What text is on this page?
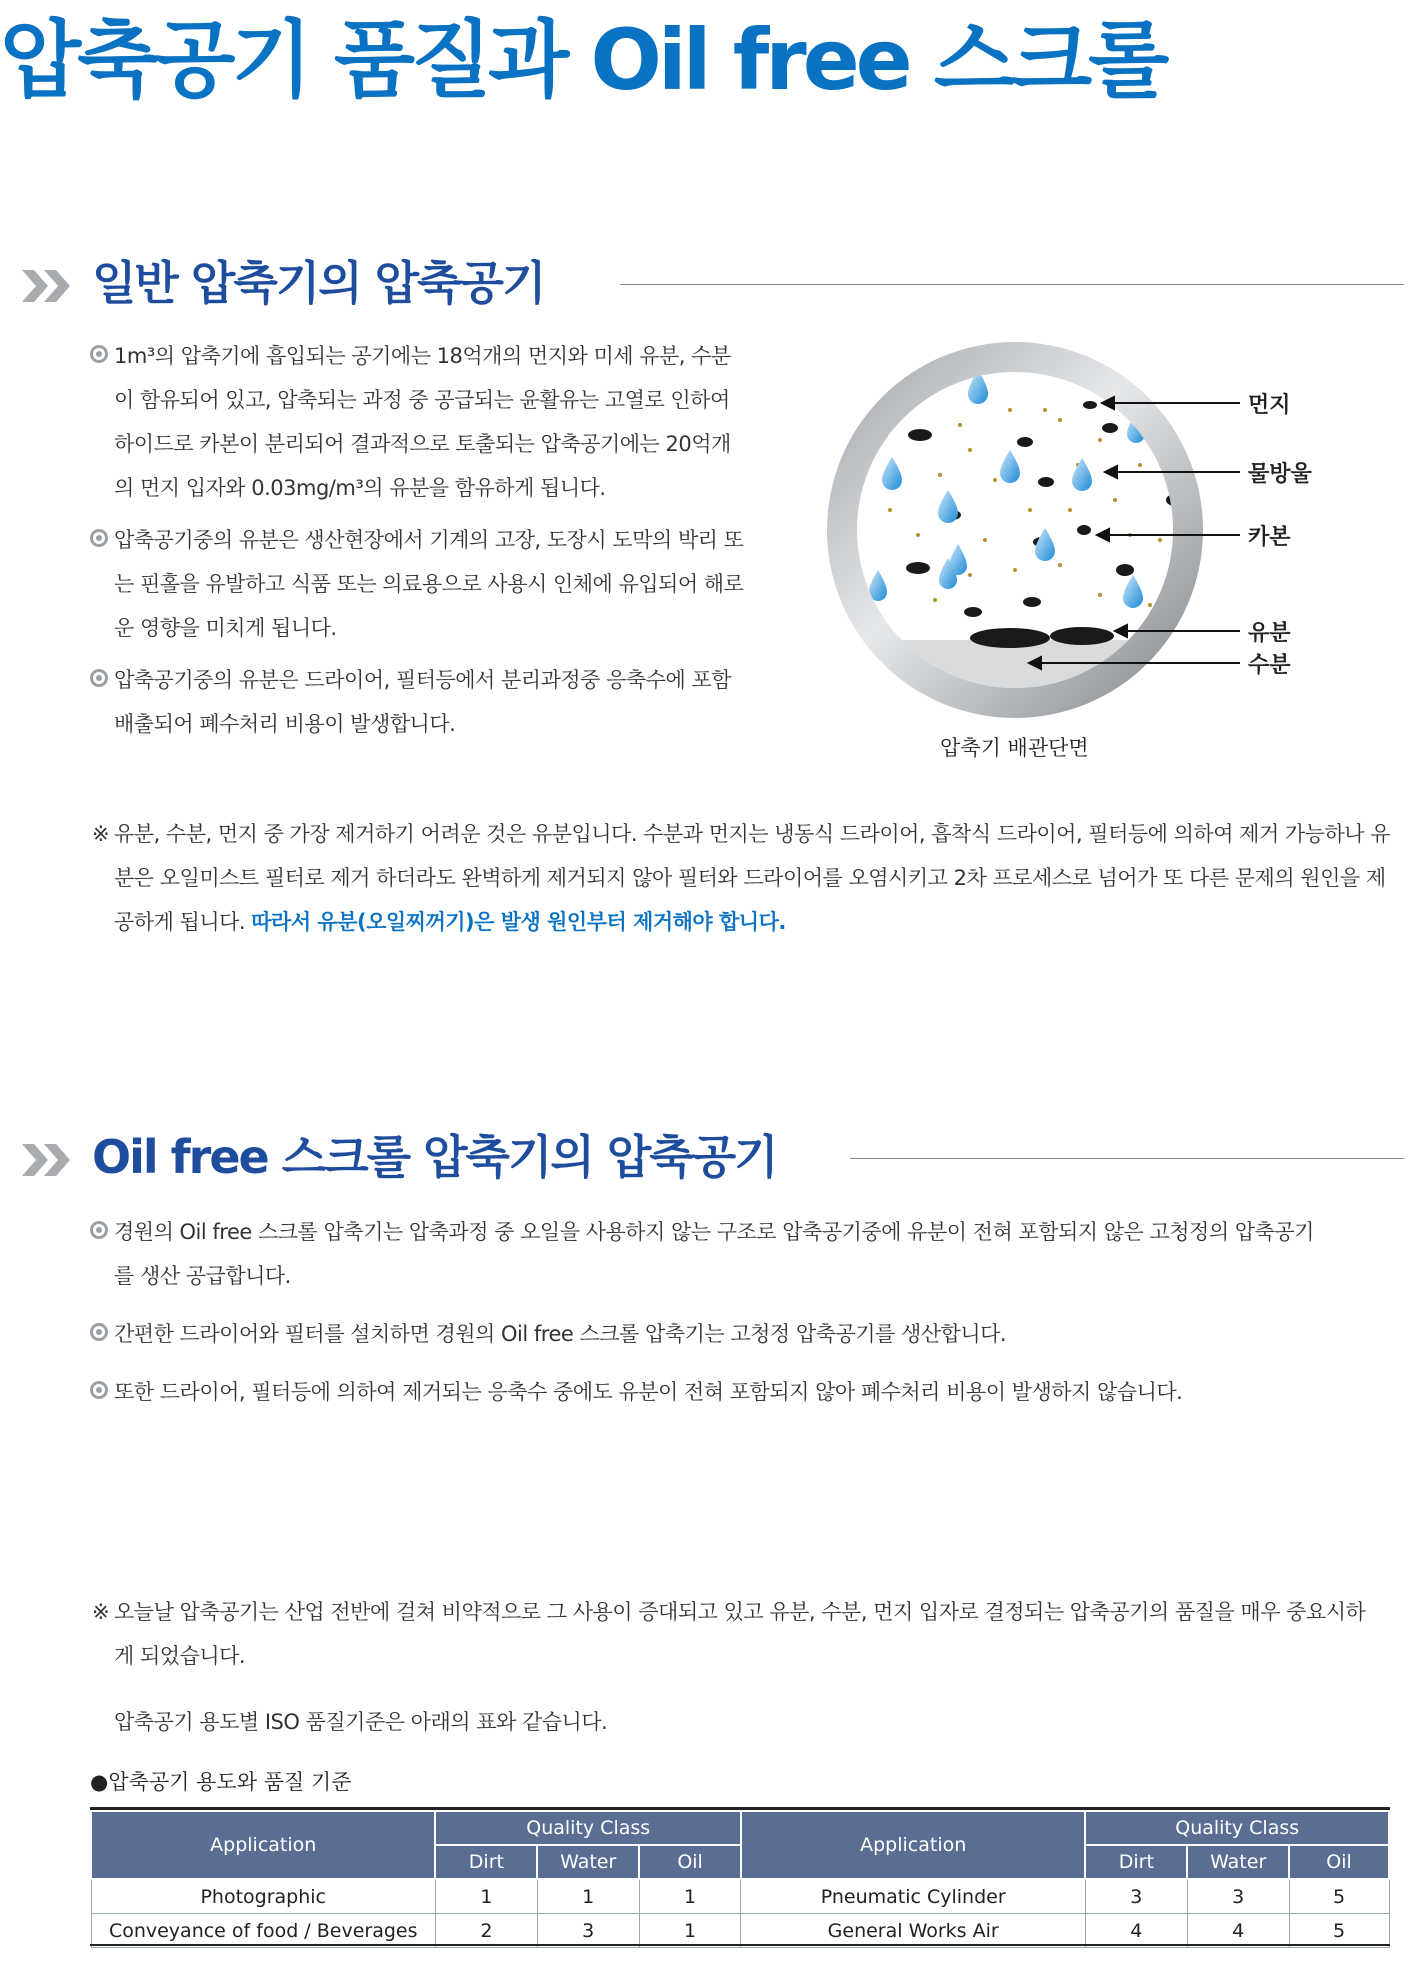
압축공기 품질과 Oil free 스크롤
일반 압축기의 압축공기
1m³의 압축기에 흡입되는 공기에는 18억개의 먼지와 미세 유분, 수분이 함유되어 있고, 압축되는 과정 중 공급되는 윤활유는 고열로 인하여 하이드로 카본이 분리되어 결과적으로 토출되는 압축공기에는 20억개의 먼지 입자와 0.03mg/m³의 유분을 함유하게 됩니다.
압축공기중의 유분은 생산현장에서 기계의 고장, 도장시 도막의 박리 또는 핀홀을 유발하고 식품 또는 의료용으로 사용시 인체에 유입되어 해로운 영향을 미치게 됩니다.
압축공기중의 유분은 드라이어, 필터등에서 분리과정중 응축수에 포함 배출되어 폐수처리 비용이 발생합니다.
먼지
물방울
카본
유분
수분
압축기 배관단면
※ 유분, 수분, 먼지 중 가장 제거하기 어려운 것은 유분입니다. 수분과 먼지는 냉동식 드라이어, 흡착식 드라이어, 필터등에 의하여 제거 가능하나 유분은 오일미스트 필터로 제거 하더라도 완벽하게 제거되지 않아 필터와 드라이어를 오염시키고 2차 프로세스로 넘어가 또 다른 문제의 원인을 제공하게 됩니다. 따라서 유분(오일찌꺼기)은 발생 원인부터 제거해야 합니다.
Oil free 스크롤 압축기의 압축공기
경원의 Oil free 스크롤 압축기는 압축과정 중 오일을 사용하지 않는 구조로 압축공기중에 유분이 전혀 포함되지 않은 고청정의 압축공기를 생산 공급합니다.
간편한 드라이어와 필터를 설치하면 경원의 Oil free 스크롤 압축기는 고청정 압축공기를 생산합니다.
또한 드라이어, 필터등에 의하여 제거되는 응축수 중에도 유분이 전혀 포함되지 않아 폐수처리 비용이 발생하지 않습니다.
※ 오늘날 압축공기는 산업 전반에 걸쳐 비약적으로 그 사용이 증대되고 있고 유분, 수분, 먼지 입자로 결정되는 압축공기의 품질을 매우 중요시하게 되었습니다.
압축공기 용도별 ISO 품질기준은 아래의 표와 같습니다.
●압축공기 용도와 품질 기준
Application	Quality Class			Application	Quality Class		
	Dirt	Water	Oil		Dirt	Water	Oil
Photographic	1	1	1	Pneumatic Cylinder	3	3	5
Conveyance of food / Beverages	2	3	1	General Works Air	4	4	5
